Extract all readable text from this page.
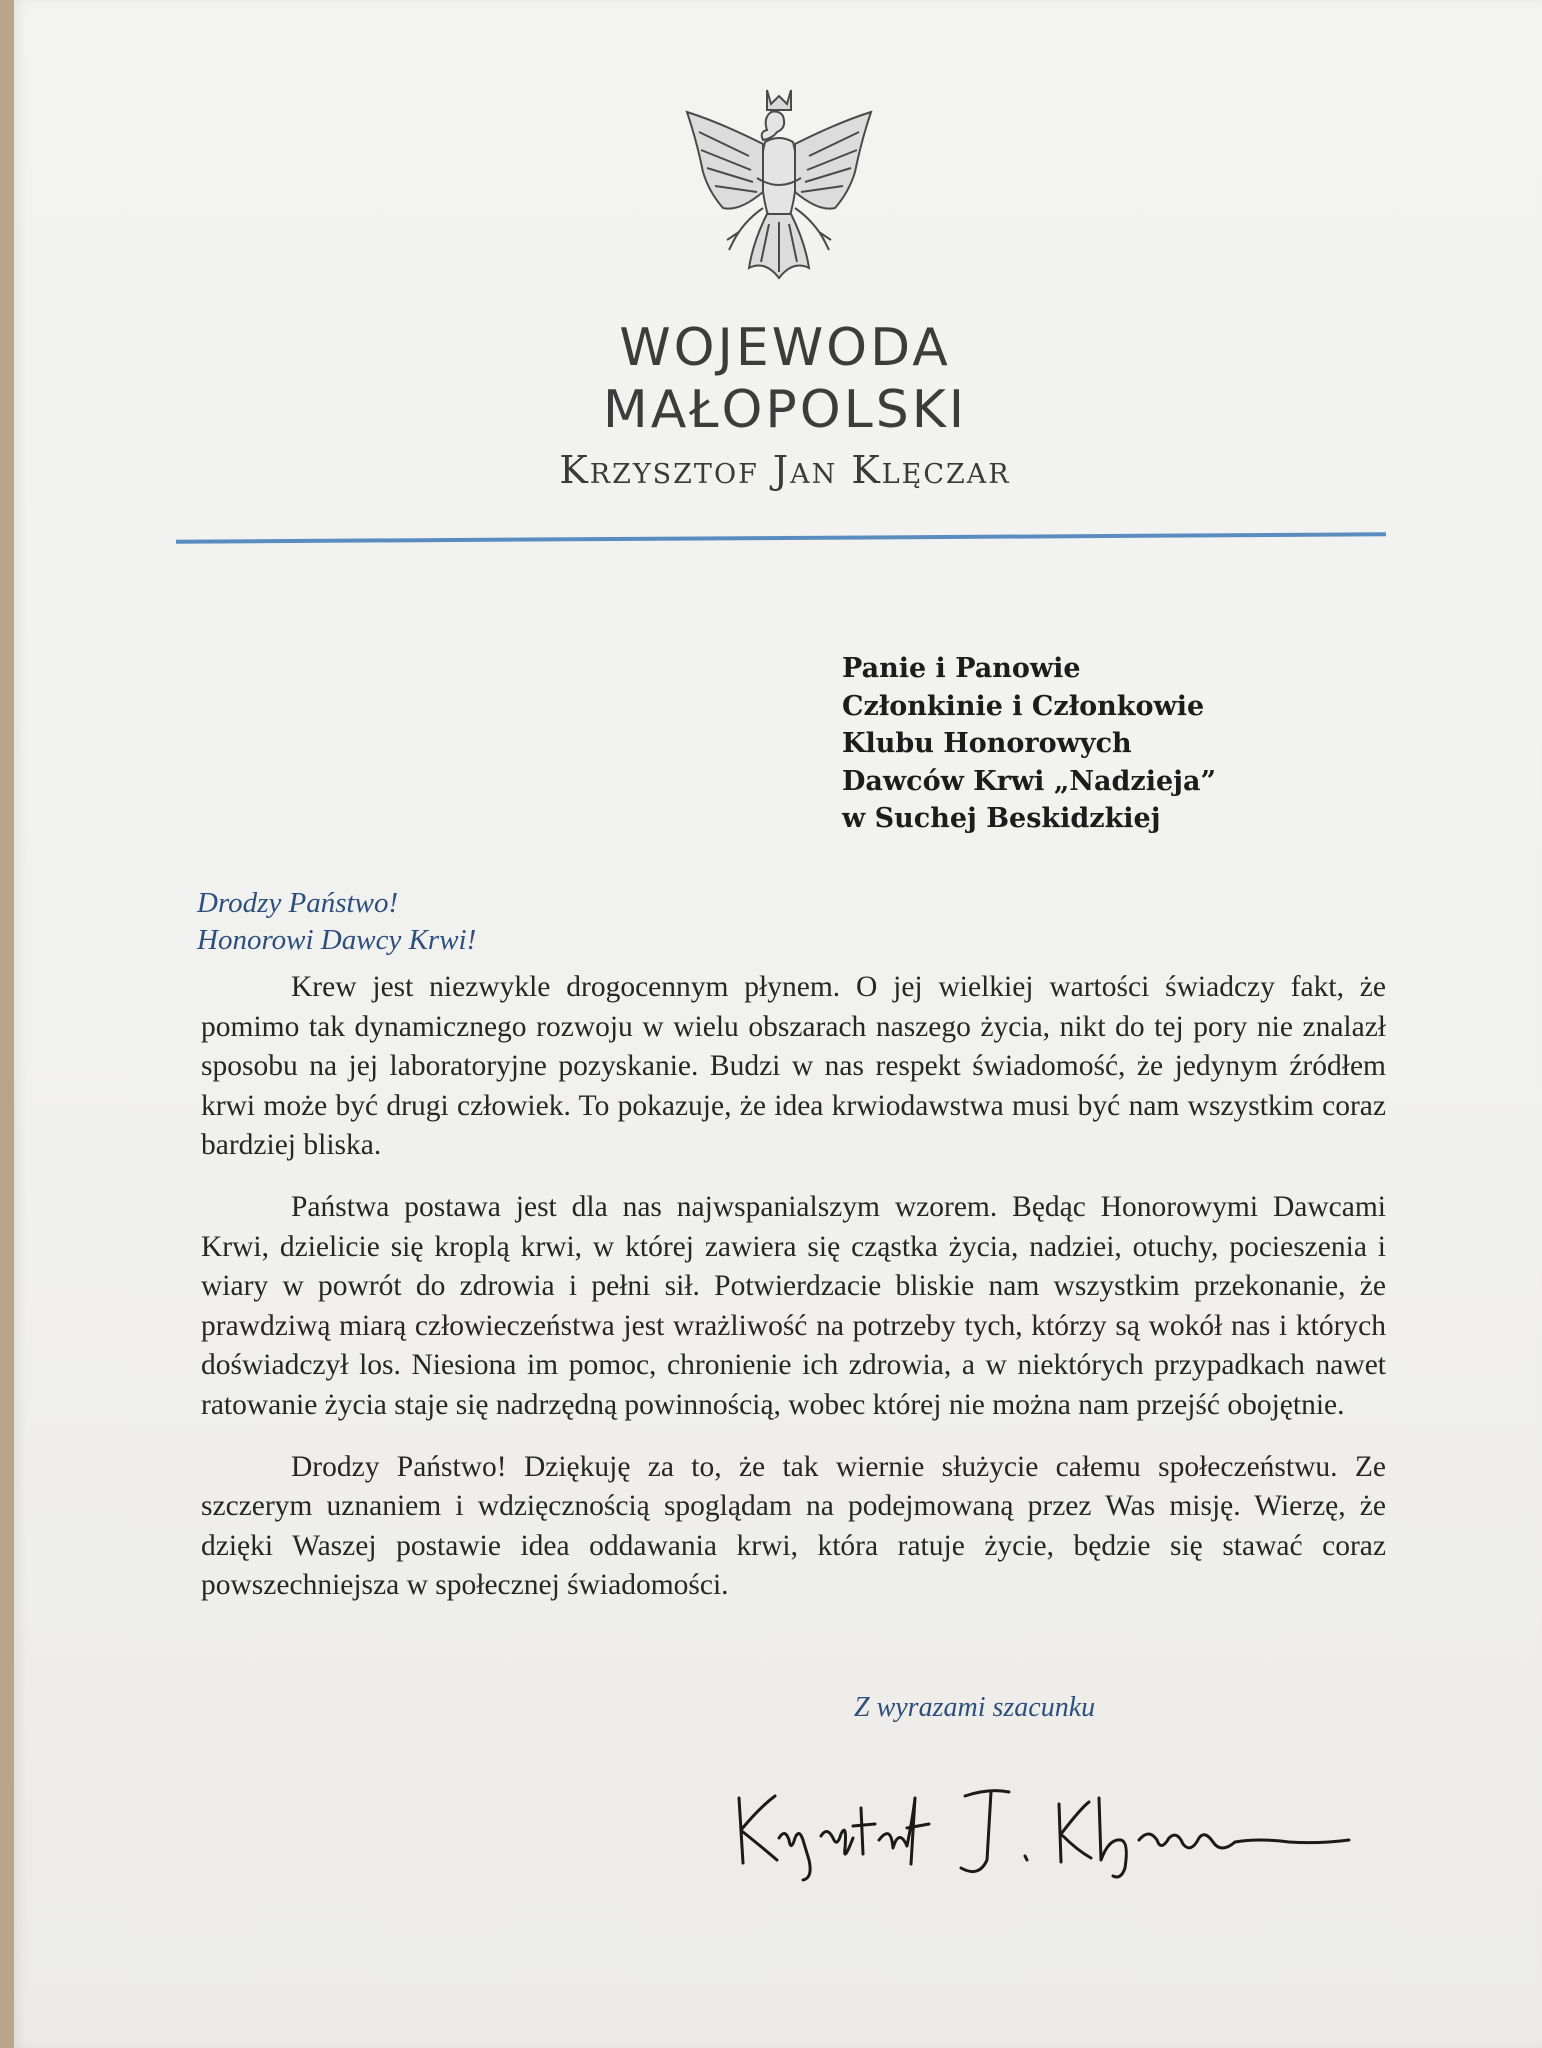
WOJEWODA
MAŁOPOLSKI
Krzysztof Jan Klęczar
Panie i Panowie
Członkinie i Członkowie
Klubu Honorowych
Dawców Krwi „Nadzieja”
w Suchej Beskidzkiej
Drodzy Państwo!
Honorowi Dawcy Krwi!

Krew jest niezwykle drogocennym płynem. O jej wielkiej wartości świadczy fakt, że pomimo tak dynamicznego rozwoju w wielu obszarach naszego życia, nikt do tej pory nie znalazł sposobu na jej laboratoryjne pozyskanie. Budzi w nas respekt świadomość, że jedynym źródłem krwi może być drugi człowiek. To pokazuje, że idea krwiodawstwa musi być nam wszystkim coraz bardziej bliska.

Państwa postawa jest dla nas najwspanialszym wzorem. Będąc Honorowymi Dawcami Krwi, dzielicie się kroplą krwi, w której zawiera się cząstka życia, nadziei, otuchy, pocieszenia i wiary w powrót do zdrowia i pełni sił. Potwierdzacie bliskie nam wszystkim przekonanie, że prawdziwą miarą człowieczeństwa jest wrażliwość na potrzeby tych, którzy są wokół nas i których doświadczył los. Niesiona im pomoc, chronienie ich zdrowia, a w niektórych przypadkach nawet ratowanie życia staje się nadrzędną powinnością, wobec której nie można nam przejść obojętnie.

Drodzy Państwo! Dziękuję za to, że tak wiernie służycie całemu społeczeństwu. Ze szczerym uznaniem i wdzięcznością spoglądam na podejmowaną przez Was misję. Wierzę, że dzięki Waszej postawie idea oddawania krwi, która ratuje życie, będzie się stawać coraz powszechniejsza w społecznej świadomości.

Z wyrazami szacunku
